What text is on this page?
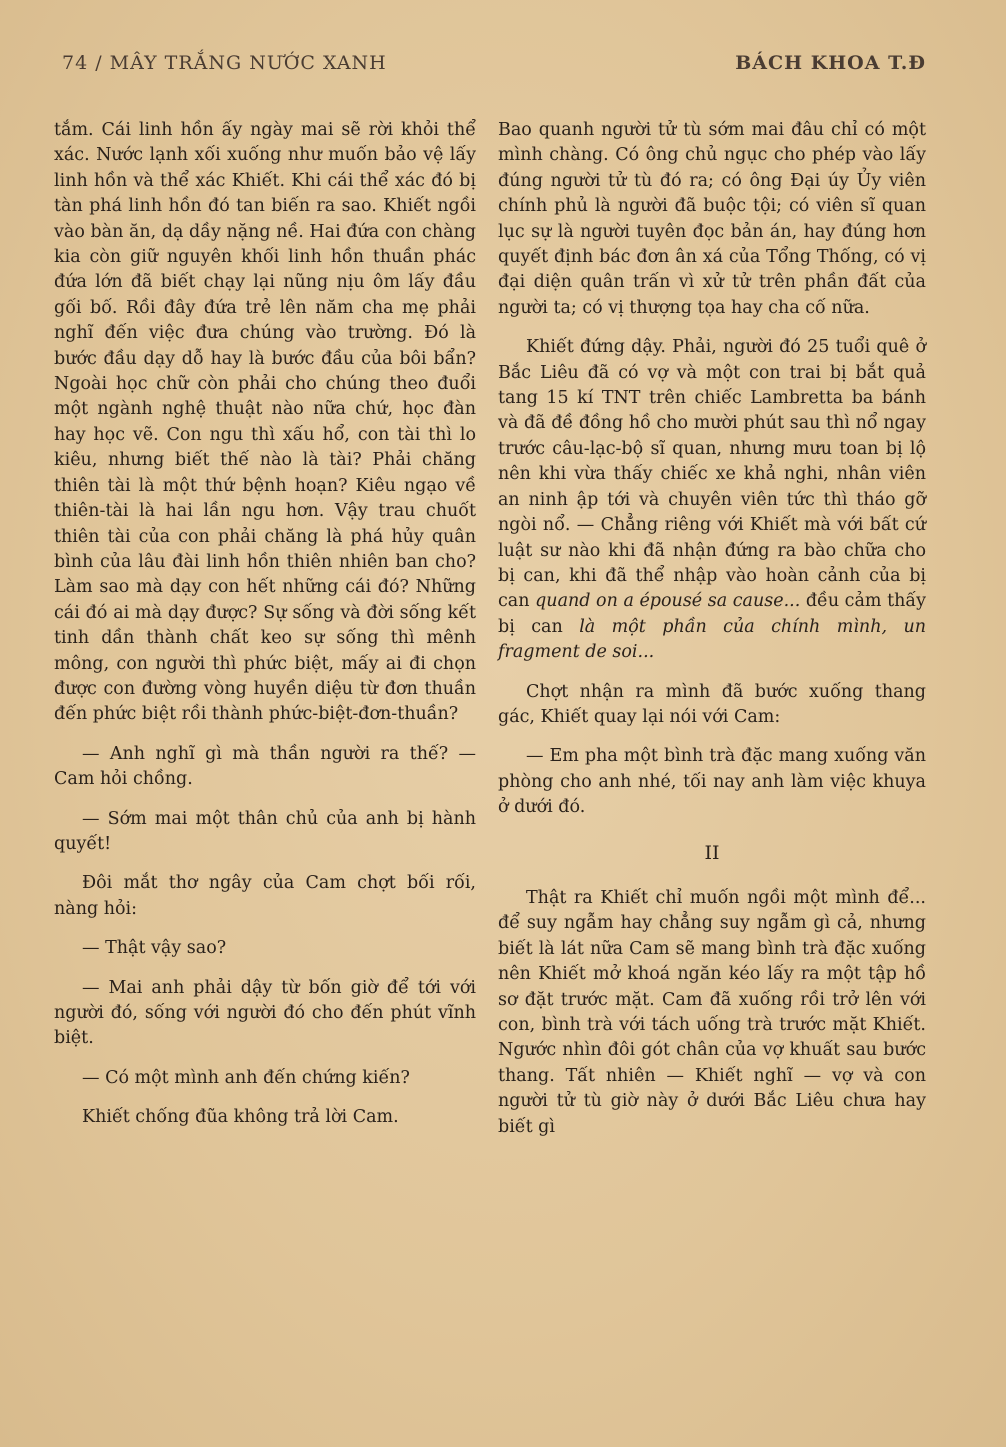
74 / MÂY TRẮNG NƯỚC XANH	BÁCH KHOA T.Đ

tắm. Cái linh hồn ấy ngày mai sẽ rời khỏi thể xác. Nước lạnh xối xuống như muốn bảo vệ lấy linh hồn và thể xác Khiết. Khi cái thể xác đó bị tàn phá linh hồn đó tan biến ra sao. Khiết ngồi vào bàn ăn, dạ dầy nặng nề. Hai đứa con chàng kia còn giữ nguyên khối linh hồn thuần phác đứa lớn đã biết chạy lại nũng nịu ôm lấy đầu gối bố. Rồi đây đứa trẻ lên năm cha mẹ phải nghĩ đến việc đưa chúng vào trường. Đó là bước đầu dạy dỗ hay là bước đầu của bôi bẩn? Ngoài học chữ còn phải cho chúng theo đuổi một ngành nghệ thuật nào nữa chứ, học đàn hay học vẽ. Con ngu thì xấu hổ, con tài thì lo kiêu, nhưng biết thế nào là tài? Phải chăng thiên tài là một thứ bệnh hoạn? Kiêu ngạo về thiên-tài là hai lần ngu hơn. Vậy trau chuốt thiên tài của con phải chăng là phá hủy quân bình của lâu đài linh hồn thiên nhiên ban cho? Làm sao mà dạy con hết những cái đó? Những cái đó ai mà dạy được? Sự sống và đời sống kết tinh dần thành chất keo sự sống thì mênh mông, con người thì phức biệt, mấy ai đi chọn được con đường vòng huyền diệu từ đơn thuần đến phức biệt rồi thành phức-biệt-đơn-thuần?

— Anh nghĩ gì mà thần người ra thế? — Cam hỏi chồng.

— Sớm mai một thân chủ của anh bị hành quyết!

Đôi mắt thơ ngây của Cam chợt bối rối, nàng hỏi:

— Thật vậy sao?

— Mai anh phải dậy từ bốn giờ để tới với người đó, sống với người đó cho đến phút vĩnh biệt.

— Có một mình anh đến chứng kiến?

Khiết chống đũa không trả lời Cam.

Bao quanh người tử tù sớm mai đâu chỉ có một mình chàng. Có ông chủ ngục cho phép vào lấy đúng người tử tù đó ra; có ông Đại úy Ủy viên chính phủ là người đã buộc tội; có viên sĩ quan lục sự là người tuyên đọc bản án, hay đúng hơn quyết định bác đơn ân xá của Tổng Thống, có vị đại diện quân trấn vì xử tử trên phần đất của người ta; có vị thượng tọa hay cha cố nữa.

Khiết đứng dậy. Phải, người đó 25 tuổi quê ở Bắc Liêu đã có vợ và một con trai bị bắt quả tang 15 kí TNT trên chiếc Lambretta ba bánh và đã đề đồng hồ cho mười phút sau thì nổ ngay trước câu-lạc-bộ sĩ quan, nhưng mưu toan bị lộ nên khi vừa thấy chiếc xe khả nghi, nhân viên an ninh ập tới và chuyên viên tức thì tháo gỡ ngòi nổ. — Chẳng riêng với Khiết mà với bất cứ luật sư nào khi đã nhận đứng ra bào chữa cho bị can, khi đã thể nhập vào hoàn cảnh của bị can quand on a épousé sa cause... đều cảm thấy bị can là một phần của chính mình, un fragment de soi...

Chợt nhận ra mình đã bước xuống thang gác, Khiết quay lại nói với Cam:

— Em pha một bình trà đặc mang xuống văn phòng cho anh nhé, tối nay anh làm việc khuya ở dưới đó.

II

Thật ra Khiết chỉ muốn ngồi một mình để... để suy ngẫm hay chẳng suy ngẫm gì cả, nhưng biết là lát nữa Cam sẽ mang bình trà đặc xuống nên Khiết mở khoá ngăn kéo lấy ra một tập hồ sơ đặt trước mặt. Cam đã xuống rồi trở lên với con, bình trà với tách uống trà trước mặt Khiết. Ngước nhìn đôi gót chân của vợ khuất sau bước thang. Tất nhiên — Khiết nghĩ — vợ và con người tử tù giờ này ở dưới Bắc Liêu chưa hay biết gì
